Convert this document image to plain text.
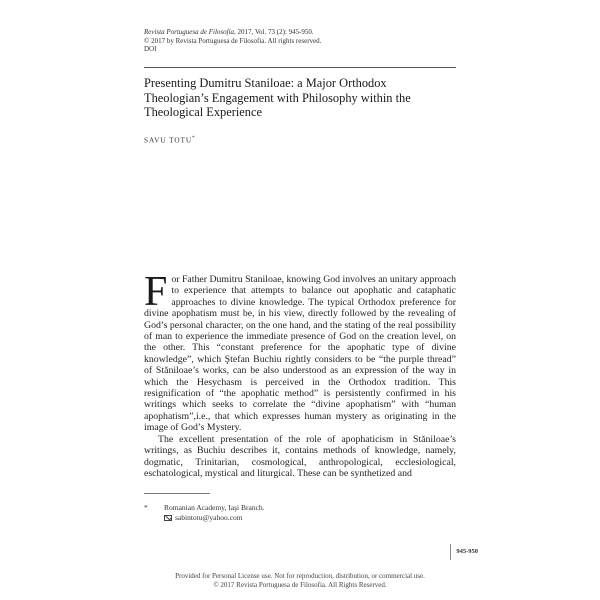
Revista Portuguesa de Filosofia, 2017, Vol. 73 (2): 945-950.
© 2017 by Revista Portuguesa de Filosofia. All rights reserved.
DOI
Presenting Dumitru Staniloae: a Major Orthodox
Theologian’s Engagement with Philosophy within the
Theological Experience
SAVU TOTU*

For Father Dumitru Staniloae, knowing God involves an unitary approach to experience that attempts to balance out apophatic and cataphatic approaches to divine knowledge. The typical Orthodox preference for divine apophatism must be, in his view, directly followed by the revealing of God’s personal character, on the one hand, and the stating of the real possibility of man to experience the immediate presence of God on the creation level, on the other. This “constant preference for the apophatic type of divine knowledge”, which Ştefan Buchiu rightly considers to be “the purple thread” of Stăniloae’s works, can be also understood as an expression of the way in which the Hesychasm is perceived in the Orthodox tradition. This resignification of “the apophatic method” is persistently confirmed in his writings which seeks to correlate the “divine apophatism” with “human apophatism”,i.e., that which expresses human mystery as originating in the image of God’s Mystery.

The excellent presentation of the role of apophaticism in Stăniloae’s writings, as Buchiu describes it, contains methods of knowledge, namely, dogmatic, Trinitarian, cosmological, anthropological, ecclesiological, eschatological, mystical and liturgical. These can be synthetized and

* Romanian Academy, Iaşi Branch.
sabintotu@yahoo.com
945-950
Provided for Personal License use. Not for reproduction, distribution, or commercial use.
© 2017 Revista Portuguesa de Filosofia. All Rights Reserved.
